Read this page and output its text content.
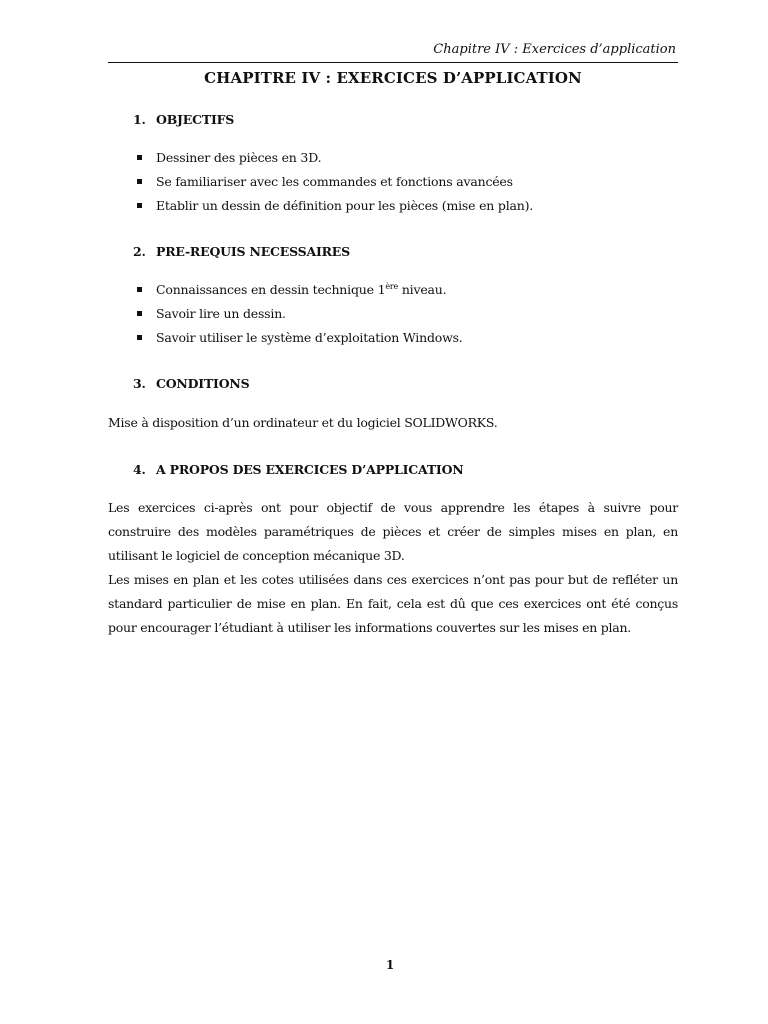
Chapitre IV : Exercices d’application
CHAPITRE IV : EXERCICES D’APPLICATION
1. OBJECTIFS
Dessiner des pièces en 3D.
Se familiariser avec les commandes et fonctions avancées
Etablir un dessin de définition pour les pièces (mise en plan).
2. PRE-REQUIS NECESSAIRES
Connaissances en dessin technique 1ère niveau.
Savoir lire un dessin.
Savoir utiliser le système d’exploitation Windows.
3. CONDITIONS

Mise à disposition d’un ordinateur et du logiciel SOLIDWORKS.

4. A PROPOS DES EXERCICES D’APPLICATION

Les exercices ci-après ont pour objectif de vous apprendre les étapes à suivre pour construire des modèles paramétriques de pièces et créer de simples mises en plan, en utilisant le logiciel de conception mécanique 3D.

Les mises en plan et les cotes utilisées dans ces exercices n’ont pas pour but de refléter un standard particulier de mise en plan. En fait, cela est dû que ces exercices ont été conçus pour encourager l’étudiant à utiliser les informations couvertes sur les mises en plan.

1
